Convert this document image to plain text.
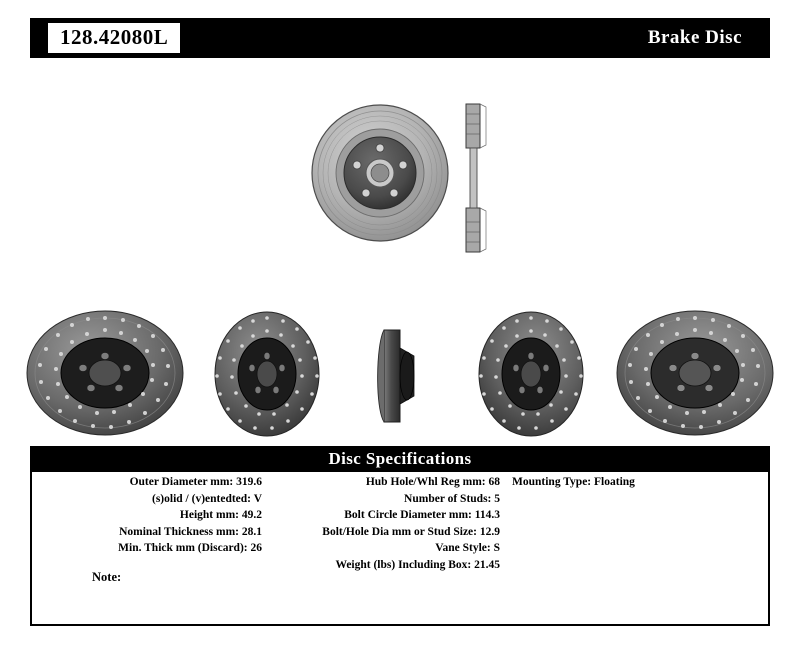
128.42080L	Brake Disc
Disc Specifications
Outer Diameter mm: 319.6
(s)olid / (v)entedted: V
Height mm: 49.2
Nominal Thickness mm: 28.1
Min. Thick mm (Discard): 26
Hub Hole/Whl Reg mm: 68
Number of Studs: 5
Bolt Circle Diameter mm: 114.3
Bolt/Hole Dia mm or Stud Size: 12.9
Vane Style: S
Weight (lbs) Including Box: 21.45
Mounting Type: Floating
Note:
